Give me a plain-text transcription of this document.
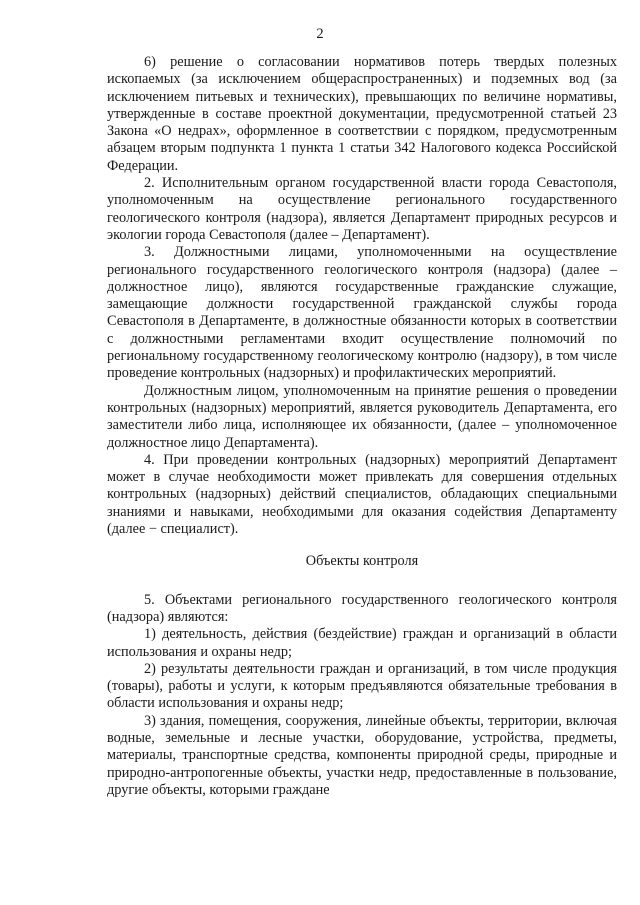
2

6) решение о согласовании нормативов потерь твердых полезных ископаемых (за исключением общераспространенных) и подземных вод (за исключением питьевых и технических), превышающих по величине нормативы, утвержденные в составе проектной документации, предусмотренной статьей 23 Закона «О недрах», оформленное в соответствии с порядком, предусмотренным абзацем вторым подпункта 1 пункта 1 статьи 342 Налогового кодекса Российской Федерации.

2. Исполнительным органом государственной власти города Севастополя, уполномоченным на осуществление регионального государственного геологического контроля (надзора), является Департамент природных ресурсов и экологии города Севастополя (далее – Департамент).

3. Должностными лицами, уполномоченными на осуществление регионального государственного геологического контроля (надзора) (далее – должностное лицо), являются государственные гражданские служащие, замещающие должности государственной гражданской службы города Севастополя в Департаменте, в должностные обязанности которых в соответствии с должностными регламентами входит осуществление полномочий по региональному государственному геологическому контролю (надзору), в том числе проведение контрольных (надзорных) и профилактических мероприятий.

Должностным лицом, уполномоченным на принятие решения о проведении контрольных (надзорных) мероприятий, является руководитель Департамента, его заместители либо лица, исполняющее их обязанности, (далее – уполномоченное должностное лицо Департамента).

4. При проведении контрольных (надзорных) мероприятий Департамент может в случае необходимости может привлекать для совершения отдельных контрольных (надзорных) действий специалистов, обладающих специальными знаниями и навыками, необходимыми для оказания содействия Департаменту (далее − специалист).

Объекты контроля

5. Объектами регионального государственного геологического контроля (надзора) являются:

1) деятельность, действия (бездействие) граждан и организаций в области использования и охраны недр;

2) результаты деятельности граждан и организаций, в том числе продукция (товары), работы и услуги, к которым предъявляются обязательные требования в области использования и охраны недр;

3) здания, помещения, сооружения, линейные объекты, территории, включая водные, земельные и лесные участки, оборудование, устройства, предметы, материалы, транспортные средства, компоненты природной среды, природные и природно-антропогенные объекты, участки недр, предоставленные в пользование, другие объекты, которыми граждане
